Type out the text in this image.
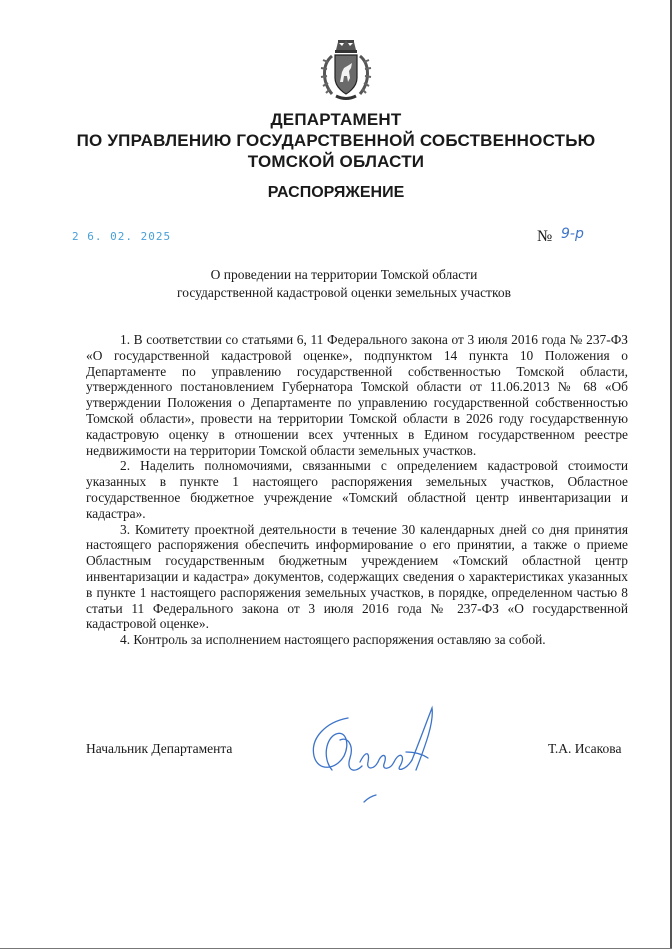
ДЕПАРТАМЕНТ
ПО УПРАВЛЕНИЮ ГОСУДАРСТВЕННОЙ СОБСТВЕННОСТЬЮ
ТОМСКОЙ ОБЛАСТИ
РАСПОРЯЖЕНИЕ
2 6. 02. 2025	№ 9-р
О проведении на территории Томской области
государственной кадастровой оценки земельных участков

1. В соответствии со статьями 6, 11 Федерального закона от 3 июля 2016 года № 237-ФЗ «О государственной кадастровой оценке», подпунктом 14 пункта 10 Положения о Департаменте по управлению государственной собственностью Томской области, утвержденного постановлением Губернатора Томской области от 11.06.2013 № 68 «Об утверждении Положения о Департаменте по управлению государственной собственностью Томской области», провести на территории Томской области в 2026 году государственную кадастровую оценку в отношении всех учтенных в Едином государственном реестре недвижимости на территории Томской области земельных участков.

2. Наделить полномочиями, связанными с определением кадастровой стоимости указанных в пункте 1 настоящего распоряжения земельных участков, Областное государственное бюджетное учреждение «Томский областной центр инвентаризации и кадастра».

3. Комитету проектной деятельности в течение 30 календарных дней со дня принятия настоящего распоряжения обеспечить информирование о его принятии, а также о приеме Областным государственным бюджетным учреждением «Томский областной центр инвентаризации и кадастра» документов, содержащих сведения о характеристиках указанных в пункте 1 настоящего распоряжения земельных участков, в порядке, определенном частью 8 статьи 11 Федерального закона от 3 июля 2016 года № 237-ФЗ «О государственной кадастровой оценке».

4. Контроль за исполнением настоящего распоряжения оставляю за собой.

Начальник Департамента	Т.А. Исакова
